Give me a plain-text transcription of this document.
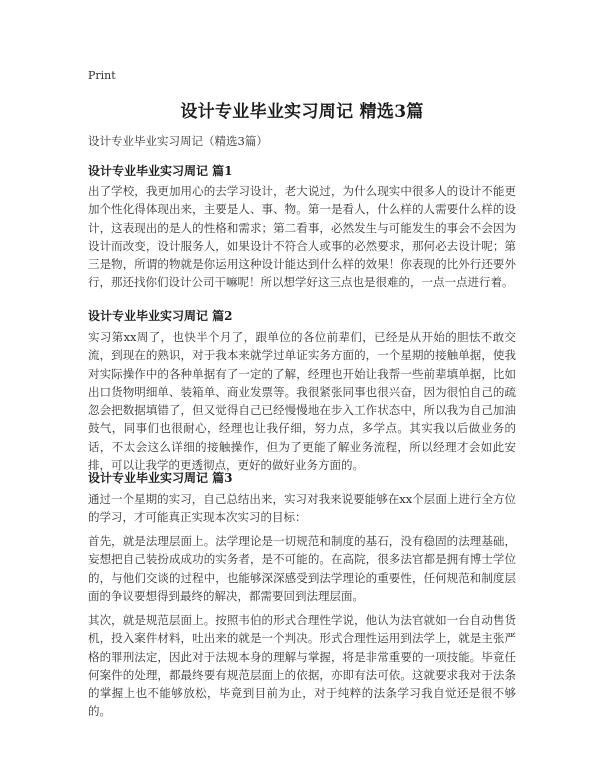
Print
设计专业毕业实习周记 精选3篇
设计专业毕业实习周记（精选3篇）
设计专业毕业实习周记 篇1
出了学校，我更加用心的去学习设计，老大说过，为什么现实中很多人的设计不能更加个性化得体现出来，主要是人、事、物。第一是看人，什么样的人需要什么样的设计，这表现出的是人的性格和需求；第二看事，必然发生与可能发生的事会不会因为设计而改变，设计服务人，如果设计不符合人或事的必然要求，那何必去设计呢；第三是物，所谓的物就是你运用这种设计能达到什么样的效果！你表现的比外行还要外行，那还找你们设计公司干嘛呢！所以想学好这三点也是很难的，一点一点进行着。
设计专业毕业实习周记 篇2
实习第xx周了，也快半个月了，跟单位的各位前辈们，已经是从开始的胆怯不敢交流，到现在的熟识，对于我本来就学过单证实务方面的，一个星期的接触单据，使我对实际操作中的各种单据有了一定的了解，经理也开始让我帮一些前辈填单据，比如出口货物明细单、装箱单、商业发票等。我很紧张同事也很兴奋，因为很怕自己的疏忽会把数据填错了，但又觉得自己已经慢慢地在步入工作状态中，所以我为自己加油鼓气，同事们也很耐心，经理也让我仔细，努力点，多学点。其实我以后做业务的话，不太会这么详细的接触操作，但为了更能了解业务流程，所以经理才会如此安排，可以让我学的更透彻点，更好的做好业务方面的。
设计专业毕业实习周记 篇3
通过一个星期的实习，自己总结出来，实习对我来说要能够在xx个层面上进行全方位的学习，才可能真正实现本次实习的目标：
首先，就是法理层面上。法学理论是一切规范和制度的基石，没有稳固的法理基础，妄想把自己装扮成成功的实务者，是不可能的。在高院，很多法官都是拥有博士学位的，与他们交谈的过程中，也能够深深感受到法学理论的重要性，任何规范和制度层面的争议要想得到最终的解决，都需要回到法理层面。
其次，就是规范层面上。按照韦伯的形式合理性学说，他认为法官就如一台自动售货机，投入案件材料，吐出来的就是一个判决。形式合理性运用到法学上，就是主张严格的罪刑法定，因此对于法规本身的理解与掌握，将是非常重要的一项技能。毕竟任何案件的处理，都最终要有规范层面上的依据，亦即有法可依。这就要求我对于法条的掌握上也不能够放松，毕竟到目前为止，对于纯粹的法条学习我自觉还是很不够的。
